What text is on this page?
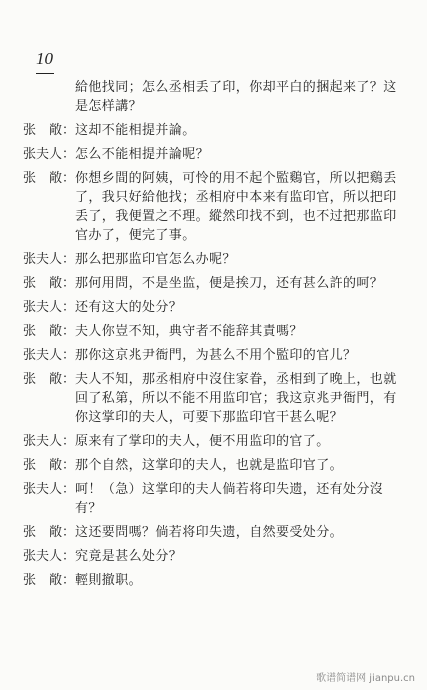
10
給他找同；怎么丞相丢了印，你却平白的捆起来了？这是怎样講？
张　敞： 这却不能相提并論。
张夫人： 怎么不能相提并論呢？
张　敞： 你想乡間的阿姨，可怜的用不起个監鷄官，所以把鷄丢了，我只好給他找；丞相府中本来有监印官，所以把印丢了，我便置之不理。縱然印找不到，也不过把那监印官办了，便完了事。
张夫人： 那么把那监印官怎么办呢？
张　敞： 那何用問，不是坐监，便是挨刀，还有甚么許的呵？
张夫人： 还有这大的处分？
张　敞： 夫人你豈不知，典守者不能辞其責嗎？
张夫人： 那你这京兆尹衙門，为甚么不用个監印的官儿？
张　敞： 夫人不知，那丞相府中沒住家眷，丞相到了晚上，也就回了私第，所以不能不用监印官；我这京兆尹衙門，有你这掌印的夫人，可要下那监印官干甚么呢？
张夫人： 原来有了掌印的夫人，便不用监印的官了。
张　敞： 那个自然，这掌印的夫人，也就是监印官了。
张夫人： 呵！（急）这掌印的夫人倘若将印失遗，还有处分沒有？
张　敞： 这还要問嗎？倘若将印失遗，自然要受处分。
张夫人： 究竟是甚么处分？
张　敞： 輕則撤职。
歌谱简谱网 jianpu.cn
